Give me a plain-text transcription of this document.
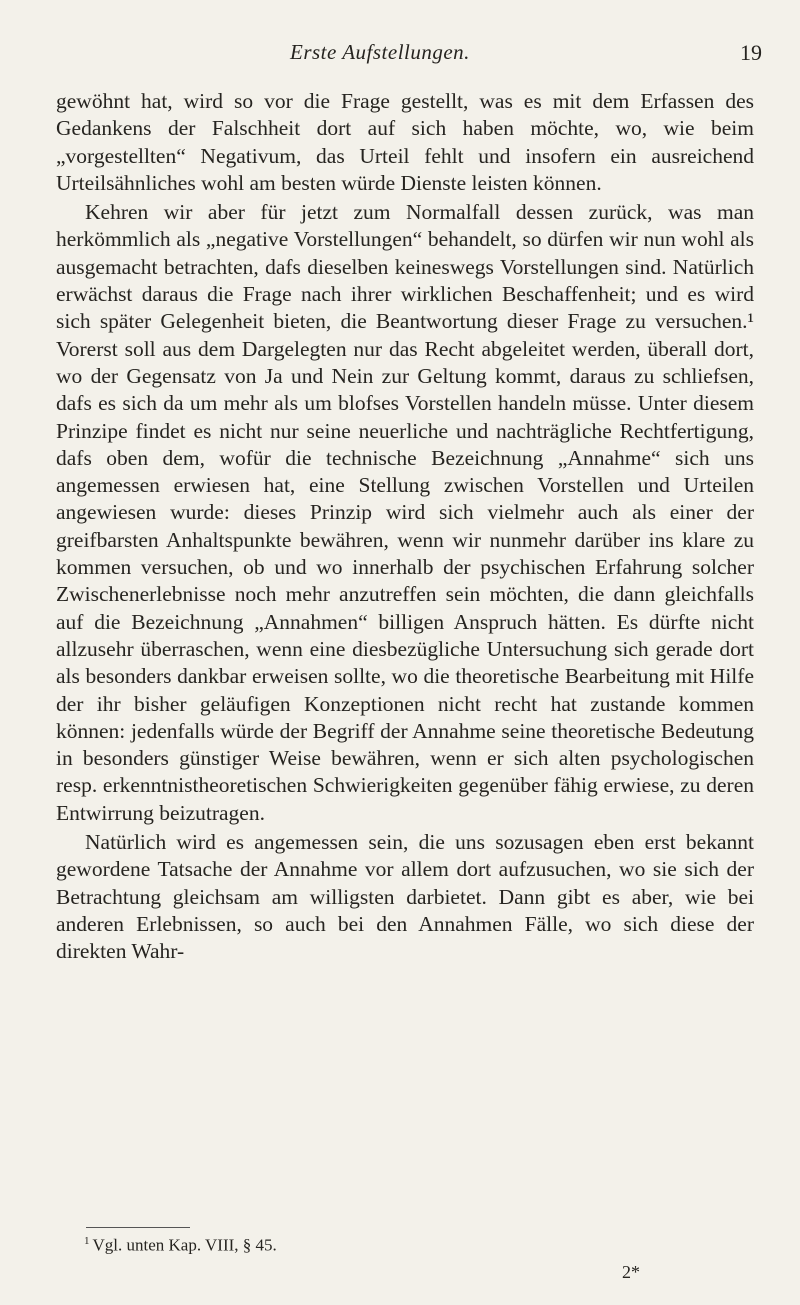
Erste Aufstellungen.	19

gewöhnt hat, wird so vor die Frage gestellt, was es mit dem Erfassen des Gedankens der Falschheit dort auf sich haben möchte, wo, wie beim „vorgestellten“ Negativum, das Urteil fehlt und insofern ein ausreichend Urteilsähnliches wohl am besten würde Dienste leisten können.

Kehren wir aber für jetzt zum Normalfall dessen zurück, was man herkömmlich als „negative Vorstellungen“ behandelt, so dürfen wir nun wohl als ausgemacht betrachten, dafs dieselben keineswegs Vorstellungen sind. Natürlich erwächst daraus die Frage nach ihrer wirklichen Beschaffenheit; und es wird sich später Gelegenheit bieten, die Beantwortung dieser Frage zu versuchen.¹ Vorerst soll aus dem Dargelegten nur das Recht abgeleitet werden, überall dort, wo der Gegensatz von Ja und Nein zur Geltung kommt, daraus zu schliefsen, dafs es sich da um mehr als um blofses Vorstellen handeln müsse. Unter diesem Prinzipe findet es nicht nur seine neuerliche und nachträgliche Rechtfertigung, dafs oben dem, wofür die technische Bezeichnung „Annahme“ sich uns angemessen erwiesen hat, eine Stellung zwischen Vorstellen und Urteilen angewiesen wurde: dieses Prinzip wird sich vielmehr auch als einer der greifbarsten Anhaltspunkte bewähren, wenn wir nunmehr darüber ins klare zu kommen versuchen, ob und wo innerhalb der psychischen Erfahrung solcher Zwischenerlebnisse noch mehr anzutreffen sein möchten, die dann gleichfalls auf die Bezeichnung „Annahmen“ billigen Anspruch hätten. Es dürfte nicht allzusehr überraschen, wenn eine diesbezügliche Untersuchung sich gerade dort als besonders dankbar erweisen sollte, wo die theoretische Bearbeitung mit Hilfe der ihr bisher geläufigen Konzeptionen nicht recht hat zustande kommen können: jedenfalls würde der Begriff der Annahme seine theoretische Bedeutung in besonders günstiger Weise bewähren, wenn er sich alten psychologischen resp. erkenntnistheoretischen Schwierigkeiten gegenüber fähig erwiese, zu deren Entwirrung beizutragen.

Natürlich wird es angemessen sein, die uns sozusagen eben erst bekannt gewordene Tatsache der Annahme vor allem dort aufzusuchen, wo sie sich der Betrachtung gleichsam am willigsten darbietet. Dann gibt es aber, wie bei anderen Erlebnissen, so auch bei den Annahmen Fälle, wo sich diese der direkten Wahr-

$^1$ Vgl. unten Kap. VIII, § 45.
2*
